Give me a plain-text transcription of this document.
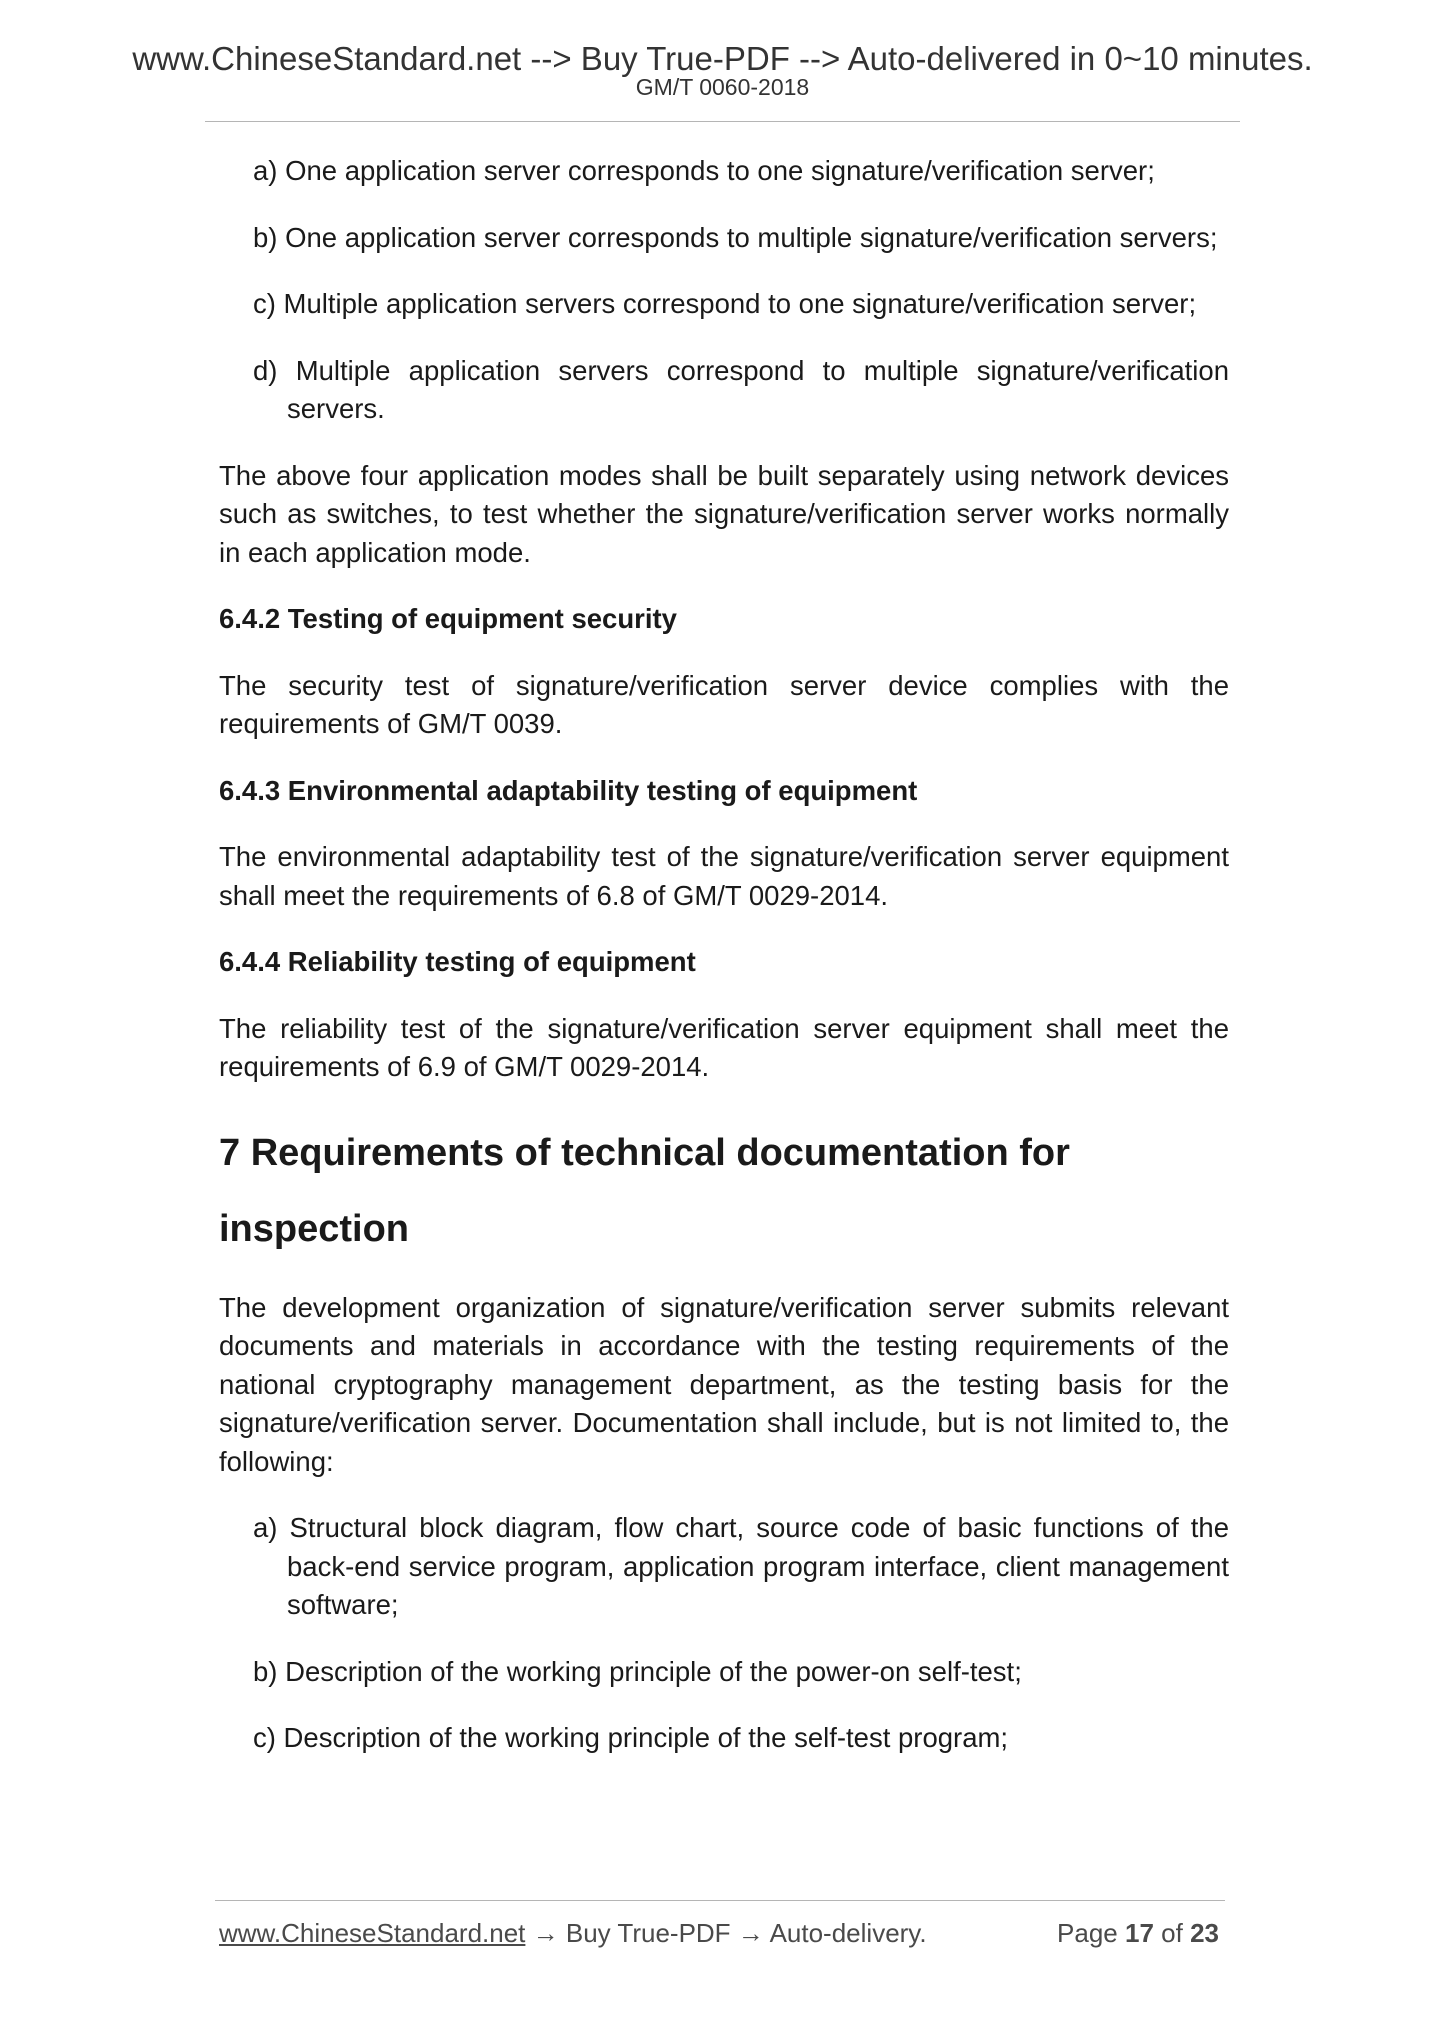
www.ChineseStandard.net --> Buy True-PDF --> Auto-delivered in 0~10 minutes.
GM/T 0060-2018
a) One application server corresponds to one signature/verification server;
b) One application server corresponds to multiple signature/verification servers;
c) Multiple application servers correspond to one signature/verification server;
d) Multiple application servers correspond to multiple signature/verification servers.

The above four application modes shall be built separately using network devices such as switches, to test whether the signature/verification server works normally in each application mode.

6.4.2 Testing of equipment security

The security test of signature/verification server device complies with the requirements of GM/T 0039.

6.4.3 Environmental adaptability testing of equipment

The environmental adaptability test of the signature/verification server equipment shall meet the requirements of 6.8 of GM/T 0029-2014.

6.4.4 Reliability testing of equipment

The reliability test of the signature/verification server equipment shall meet the requirements of 6.9 of GM/T 0029-2014.

7 Requirements of technical documentation for inspection

The development organization of signature/verification server submits relevant documents and materials in accordance with the testing requirements of the national cryptography management department, as the testing basis for the signature/verification server. Documentation shall include, but is not limited to, the following:

a) Structural block diagram, flow chart, source code of basic functions of the back-end service program, application program interface, client management software;
b) Description of the working principle of the power-on self-test;
c) Description of the working principle of the self-test program;
www.ChineseStandard.net → Buy True-PDF → Auto-delivery.	Page 17 of 23
